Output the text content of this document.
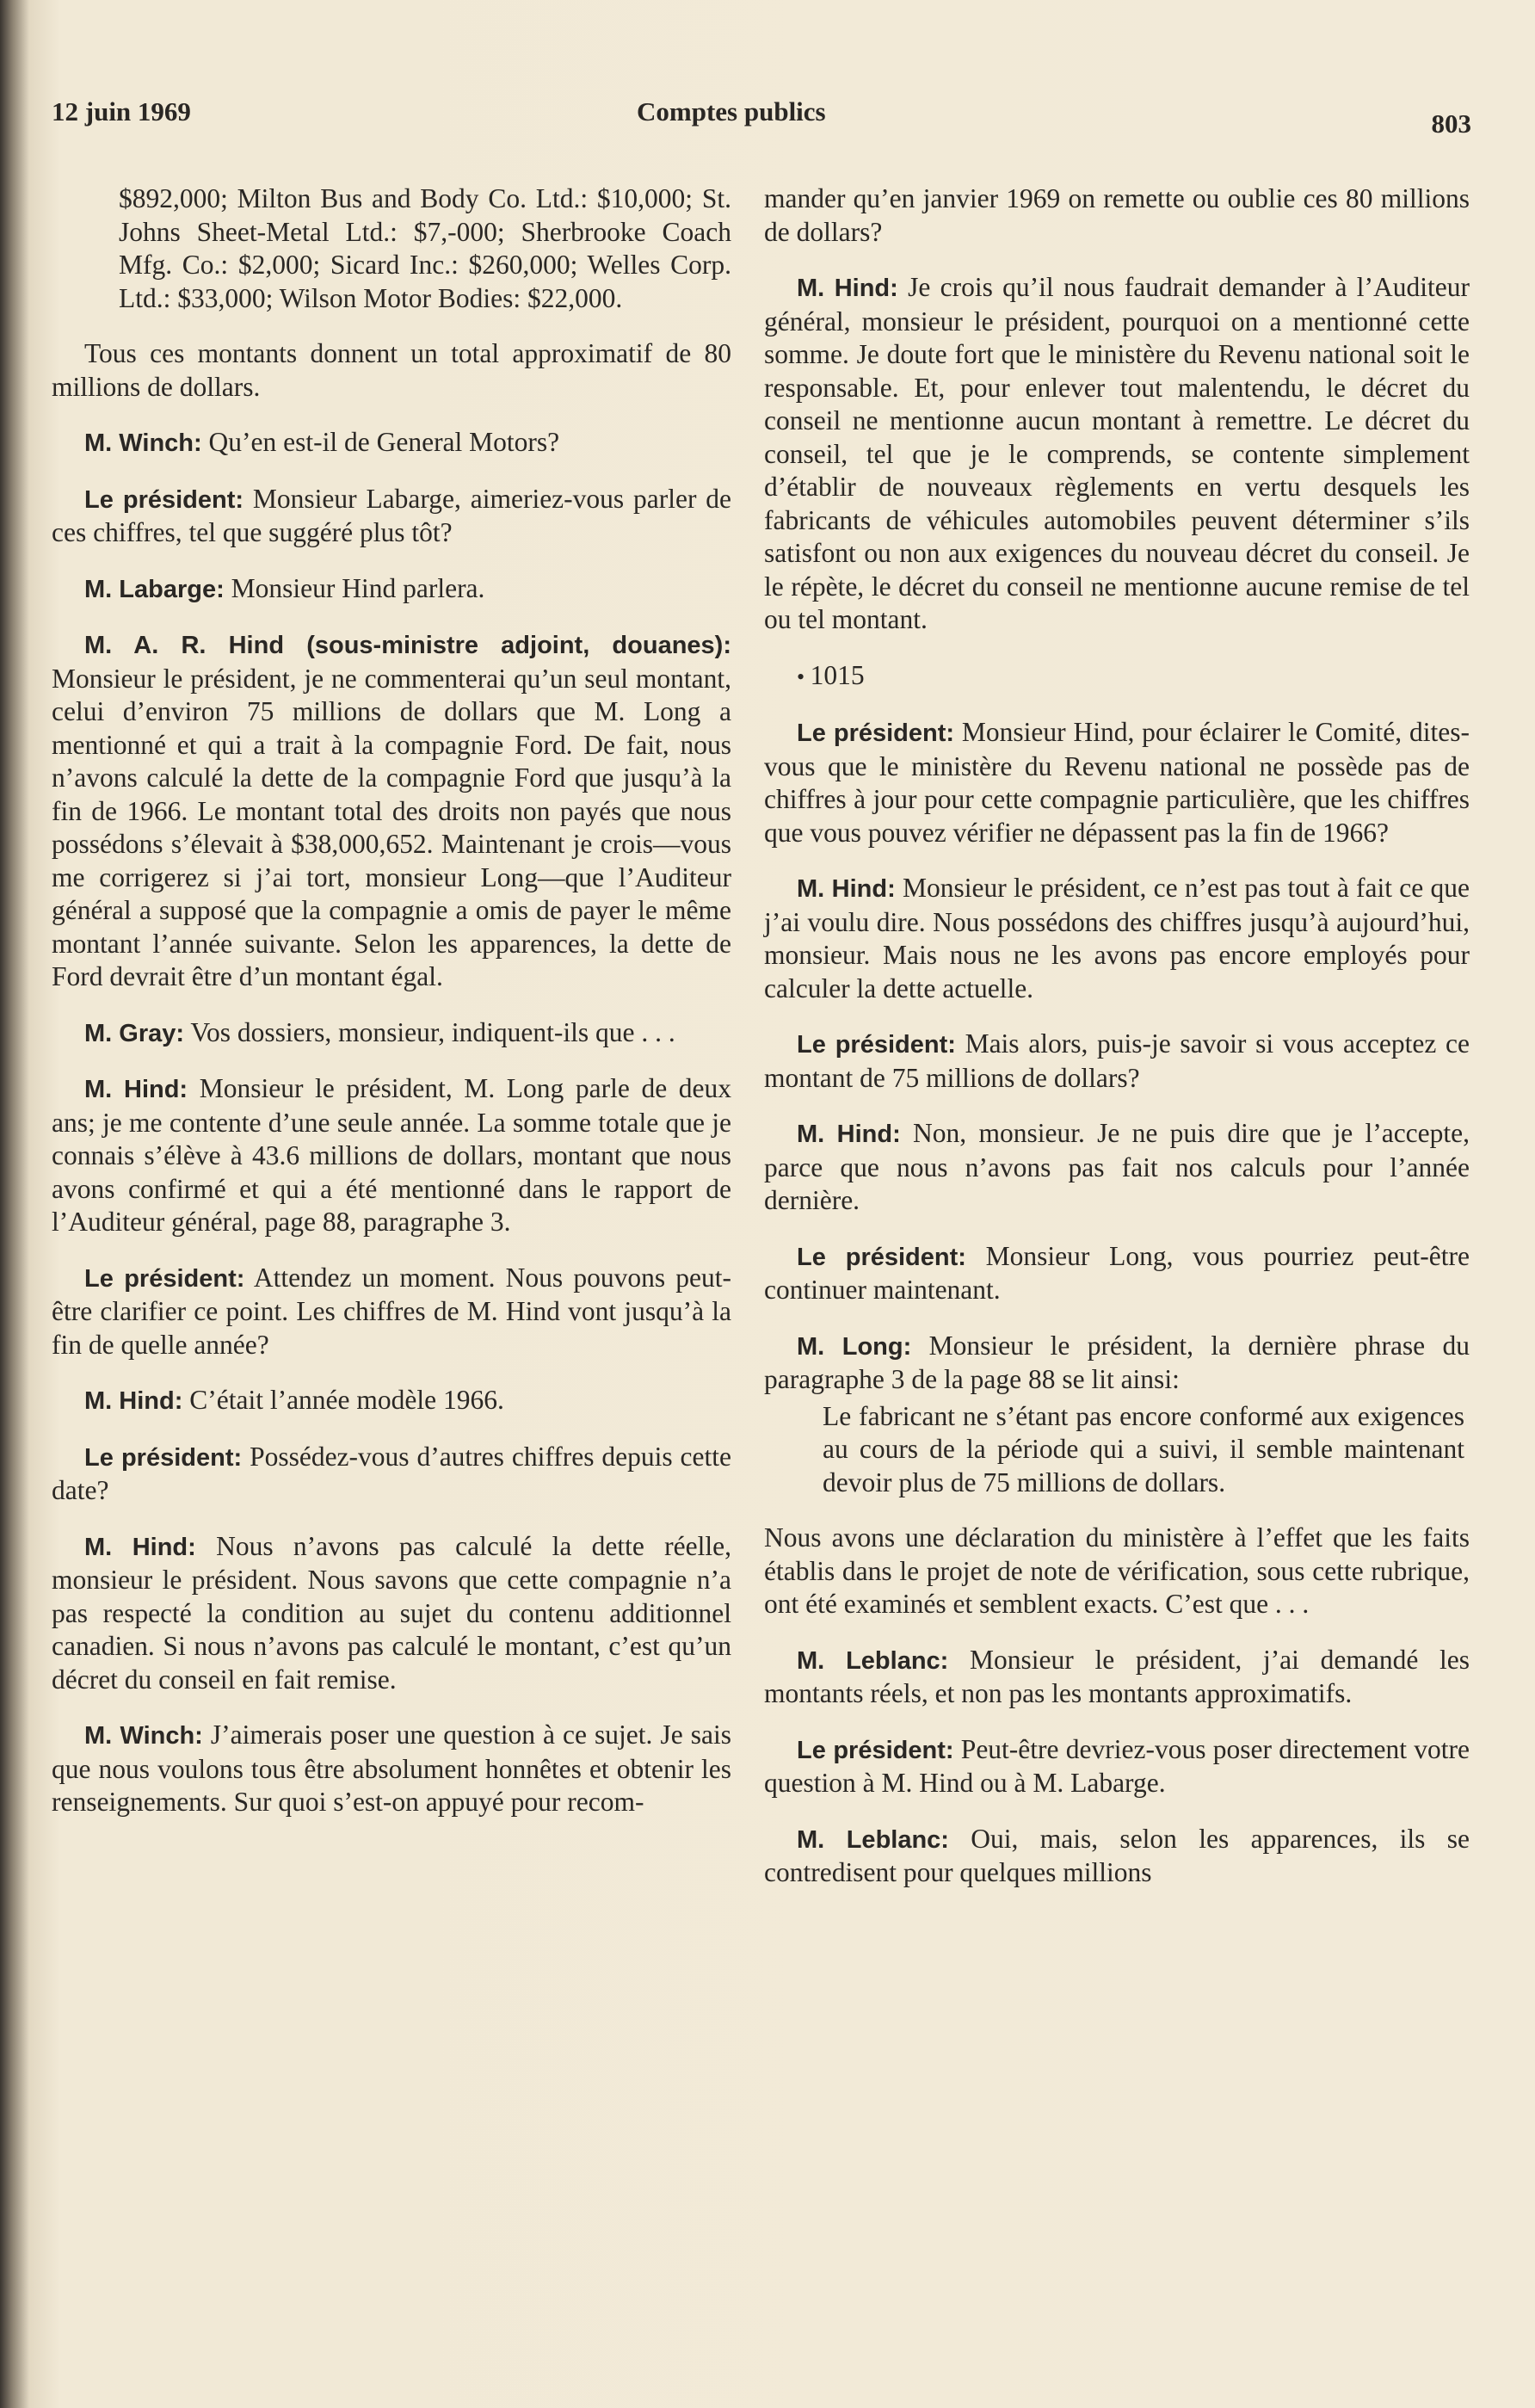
12 juin 1969	Comptes publics	803

$892,000; Milton Bus and Body Co. Ltd.: $10,000; St. Johns Sheet-Metal Ltd.: $7,-000; Sherbrooke Coach Mfg. Co.: $2,000; Sicard Inc.: $260,000; Welles Corp. Ltd.: $33,000; Wilson Motor Bodies: $22,000.

Tous ces montants donnent un total approximatif de 80 millions de dollars.

M. Winch: Qu’en est-il de General Motors?

Le président: Monsieur Labarge, aimeriez-vous parler de ces chiffres, tel que suggéré plus tôt?

M. Labarge: Monsieur Hind parlera.

M. A. R. Hind (sous-ministre adjoint, douanes): Monsieur le président, je ne commenterai qu’un seul montant, celui d’environ 75 millions de dollars que M. Long a mentionné et qui a trait à la compagnie Ford. De fait, nous n’avons calculé la dette de la compagnie Ford que jusqu’à la fin de 1966. Le montant total des droits non payés que nous possédons s’élevait à $38,000,652. Maintenant je crois—vous me corrigerez si j’ai tort, monsieur Long—que l’Auditeur général a supposé que la compagnie a omis de payer le même montant l’année suivante. Selon les apparences, la dette de Ford devrait être d’un montant égal.

M. Gray: Vos dossiers, monsieur, indiquent-ils que . . .

M. Hind: Monsieur le président, M. Long parle de deux ans; je me contente d’une seule année. La somme totale que je connais s’élève à 43.6 millions de dollars, montant que nous avons confirmé et qui a été mentionné dans le rapport de l’Auditeur général, page 88, paragraphe 3.

Le président: Attendez un moment. Nous pouvons peut-être clarifier ce point. Les chiffres de M. Hind vont jusqu’à la fin de quelle année?

M. Hind: C’était l’année modèle 1966.

Le président: Possédez-vous d’autres chiffres depuis cette date?

M. Hind: Nous n’avons pas calculé la dette réelle, monsieur le président. Nous savons que cette compagnie n’a pas respecté la condition au sujet du contenu additionnel canadien. Si nous n’avons pas calculé le montant, c’est qu’un décret du conseil en fait remise.

M. Winch: J’aimerais poser une question à ce sujet. Je sais que nous voulons tous être absolument honnêtes et obtenir les renseignements. Sur quoi s’est-on appuyé pour recom-

mander qu’en janvier 1969 on remette ou oublie ces 80 millions de dollars?

M. Hind: Je crois qu’il nous faudrait demander à l’Auditeur général, monsieur le président, pourquoi on a mentionné cette somme. Je doute fort que le ministère du Revenu national soit le responsable. Et, pour enlever tout malentendu, le décret du conseil ne mentionne aucun montant à remettre. Le décret du conseil, tel que je le comprends, se contente simplement d’établir de nouveaux règlements en vertu desquels les fabricants de véhicules automobiles peuvent déterminer s’ils satisfont ou non aux exigences du nouveau décret du conseil. Je le répète, le décret du conseil ne mentionne aucune remise de tel ou tel montant.

• 1015

Le président: Monsieur Hind, pour éclairer le Comité, dites-vous que le ministère du Revenu national ne possède pas de chiffres à jour pour cette compagnie particulière, que les chiffres que vous pouvez vérifier ne dépassent pas la fin de 1966?

M. Hind: Monsieur le président, ce n’est pas tout à fait ce que j’ai voulu dire. Nous possédons des chiffres jusqu’à aujourd’hui, monsieur. Mais nous ne les avons pas encore employés pour calculer la dette actuelle.

Le président: Mais alors, puis-je savoir si vous acceptez ce montant de 75 millions de dollars?

M. Hind: Non, monsieur. Je ne puis dire que je l’accepte, parce que nous n’avons pas fait nos calculs pour l’année dernière.

Le président: Monsieur Long, vous pourriez peut-être continuer maintenant.

M. Long: Monsieur le président, la dernière phrase du paragraphe 3 de la page 88 se lit ainsi:

Le fabricant ne s’étant pas encore conformé aux exigences au cours de la période qui a suivi, il semble maintenant devoir plus de 75 millions de dollars.

Nous avons une déclaration du ministère à l’effet que les faits établis dans le projet de note de vérification, sous cette rubrique, ont été examinés et semblent exacts. C’est que . . .

M. Leblanc: Monsieur le président, j’ai demandé les montants réels, et non pas les montants approximatifs.

Le président: Peut-être devriez-vous poser directement votre question à M. Hind ou à M. Labarge.

M. Leblanc: Oui, mais, selon les apparences, ils se contredisent pour quelques millions
